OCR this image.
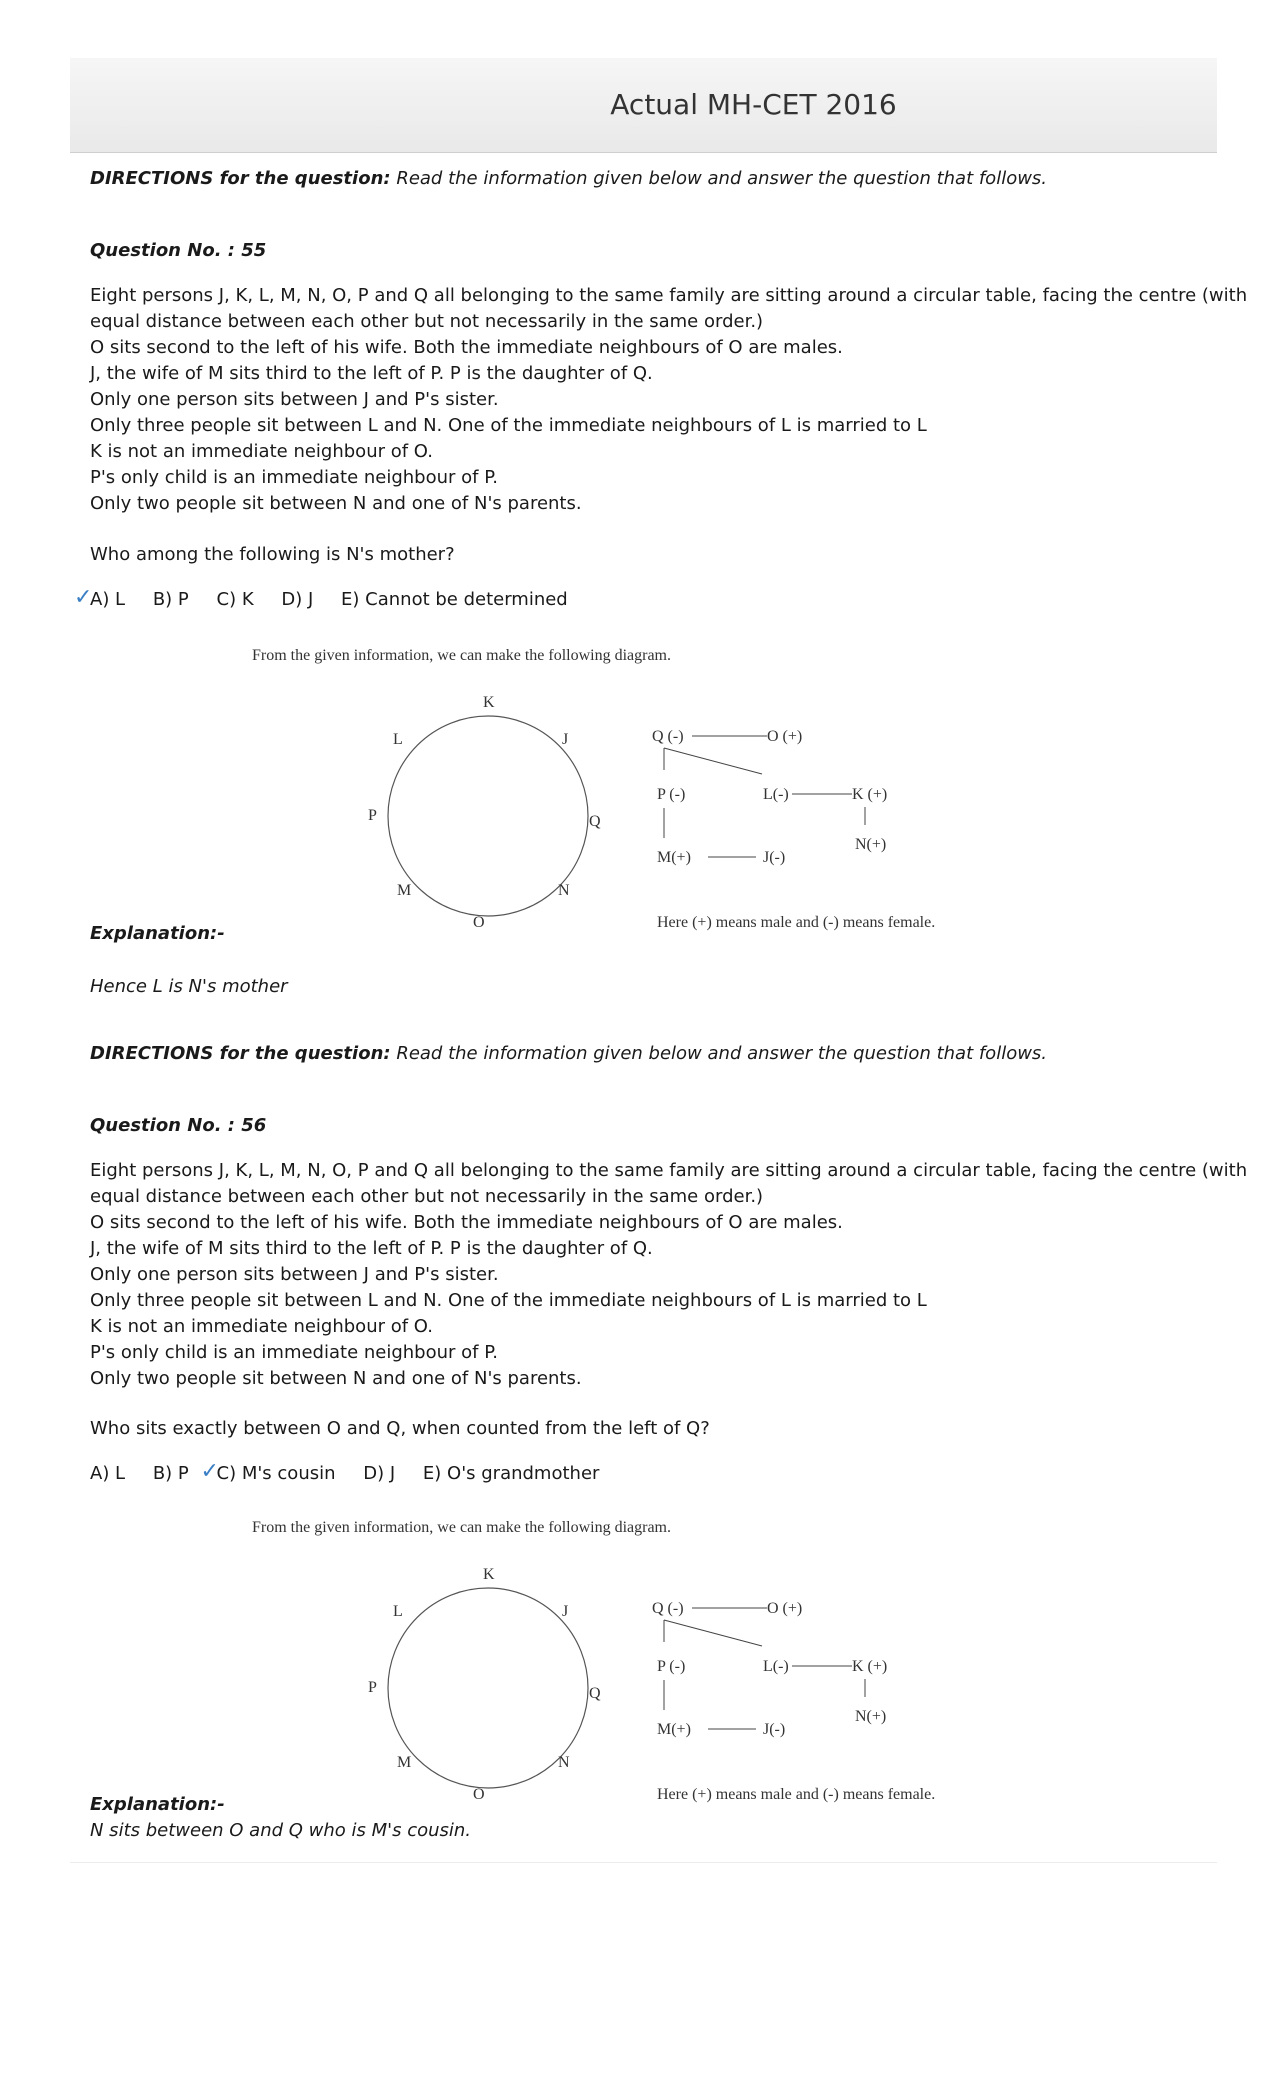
Actual MH-CET 2016

DIRECTIONS for the question: Read the information given below and answer the question that follows.

Question No. : 55

Eight persons J, K, L, M, N, O, P and Q all belonging to the same family are sitting around a circular table, facing the centre (with
equal distance between each other but not necessarily in the same order.)
O sits second to the left of his wife. Both the immediate neighbours of O are males.
J, the wife of M sits third to the left of P. P is the daughter of Q.
Only one person sits between J and P's sister.
Only three people sit between L and N. One of the immediate neighbours of L is married to L
K is not an immediate neighbour of O.
P's only child is an immediate neighbour of P.
Only two people sit between N and one of N's parents.

Who among the following is N's mother?

✓
A) L B) P C) K D) J E) Cannot be determined

From the given information, we can make the following diagram.
K
J
Q
N
O
M
P
L	Q (-)	O (+)
P (-)	L(-)	K (+)
N(+)
M(+)	J(-)
Here (+) means male and (-) means female.

Explanation:-

Hence L is N's mother

DIRECTIONS for the question: Read the information given below and answer the question that follows.

Question No. : 56

Eight persons J, K, L, M, N, O, P and Q all belonging to the same family are sitting around a circular table, facing the centre (with
equal distance between each other but not necessarily in the same order.)
O sits second to the left of his wife. Both the immediate neighbours of O are males.
J, the wife of M sits third to the left of P. P is the daughter of Q.
Only one person sits between J and P's sister.
Only three people sit between L and N. One of the immediate neighbours of L is married to L
K is not an immediate neighbour of O.
P's only child is an immediate neighbour of P.
Only two people sit between N and one of N's parents.

Who sits exactly between O and Q, when counted from the left of Q?

A) L B) P ✓
C) M's cousin D) J E) O's grandmother

From the given information, we can make the following diagram.
K
J
Q
N
O
M
P
L	Q (-)	O (+)
P (-)	L(-)	K (+)
N(+)
M(+)	J(-)
Here (+) means male and (-) means female.

Explanation:-

N sits between O and Q who is M's cousin.
